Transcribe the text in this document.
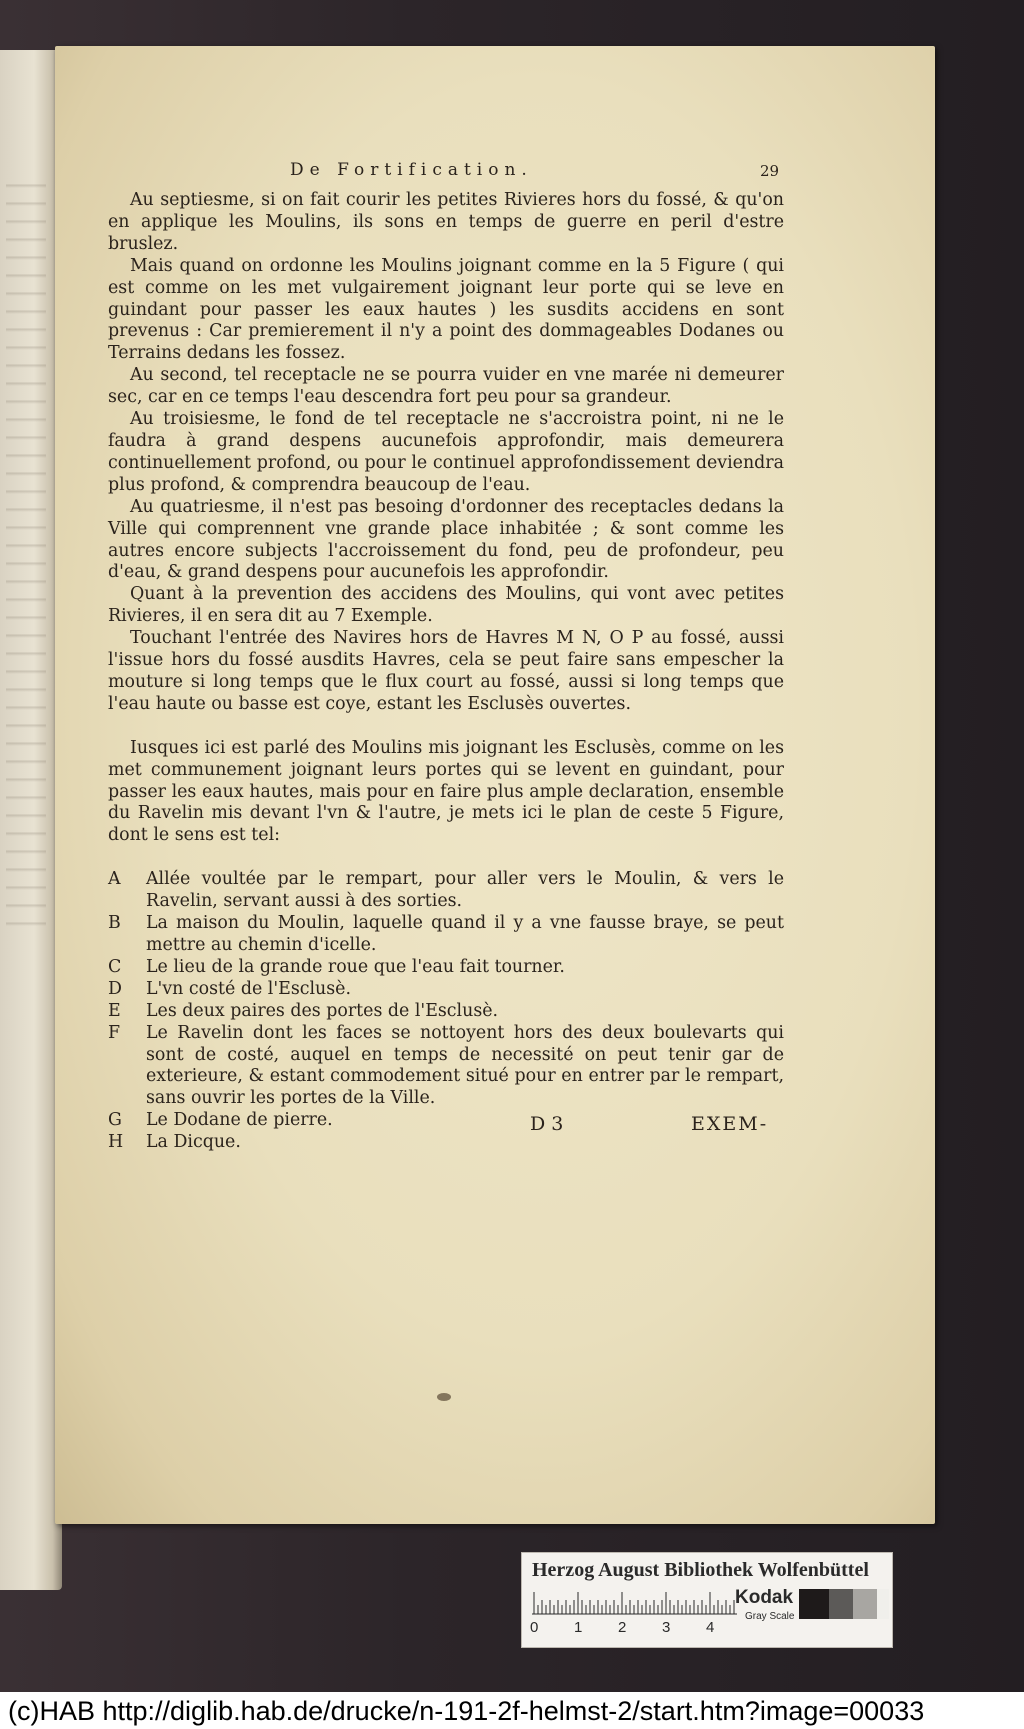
De Fortification.	29

Au septiesme, si on fait courir les petites Rivieres hors du fossé, & qu'on en applique les Moulins, ils sons en temps de guerre en peril d'estre bruslez.

Mais quand on ordonne les Moulins joignant comme en la 5 Figure ( qui est comme on les met vulgairement joignant leur porte qui se leve en guindant pour passer les eaux hautes ) les susdits accidens en sont prevenus : Car premierement il n'y a point des dommageables Dodanes ou Terrains dedans les fossez.

Au second, tel receptacle ne se pourra vuider en vne marée ni demeurer sec, car en ce temps l'eau descendra fort peu pour sa grandeur.

Au troisiesme, le fond de tel receptacle ne s'accroistra point, ni ne le faudra à grand despens aucunefois approfondir, mais demeurera continuellement profond, ou pour le continuel approfondissement deviendra plus profond, & comprendra beaucoup de l'eau.

Au quatriesme, il n'est pas besoing d'ordonner des receptacles dedans la Ville qui comprennent vne grande place inhabitée ; & sont comme les autres encore subjects l'accroissement du fond, peu de profondeur, peu d'eau, & grand despens pour aucunefois les approfondir.

Quant à la prevention des accidens des Moulins, qui vont avec petites Rivieres, il en sera dit au 7 Exemple.

Touchant l'entrée des Navires hors de Havres M N, O P au fossé, aussi l'issue hors du fossé ausdits Havres, cela se peut faire sans empescher la mouture si long temps que le flux court au fossé, aussi si long temps que l'eau haute ou basse est coye, estant les Esclusès ouvertes.

Iusques ici est parlé des Moulins mis joignant les Esclusès, comme on les met communement joignant leurs portes qui se levent en guindant, pour passer les eaux hautes, mais pour en faire plus ample declaration, ensemble du Ravelin mis devant l'vn & l'autre, je mets ici le plan de ceste 5 Figure, dont le sens est tel:

A	Allée voultée par le rempart, pour aller vers le Moulin, & vers le Ravelin, servant aussi à des sorties.
B	La maison du Moulin, laquelle quand il y a vne fausse braye, se peut mettre au chemin d'icelle.
C	Le lieu de la grande roue que l'eau fait tourner.
D	L'vn costé de l'Esclusè.
E	Les deux paires des portes de l'Esclusè.
F	Le Ravelin dont les faces se nottoyent hors des deux boulevarts qui sont de costé, auquel en temps de necessité on peut tenir gar de exterieure, & estant commodement situé pour en entrer par le rempart, sans ouvrir les portes de la Ville.
G	Le Dodane de pierre.
H	La Dicque.
D 3	EXEM-
Herzog August Bibliothek Wolfenbüttel
0 1 2 3 4
Kodak
Gray Scale
(c)HAB http://diglib.hab.de/drucke/n-191-2f-helmst-2/start.htm?image=00033
